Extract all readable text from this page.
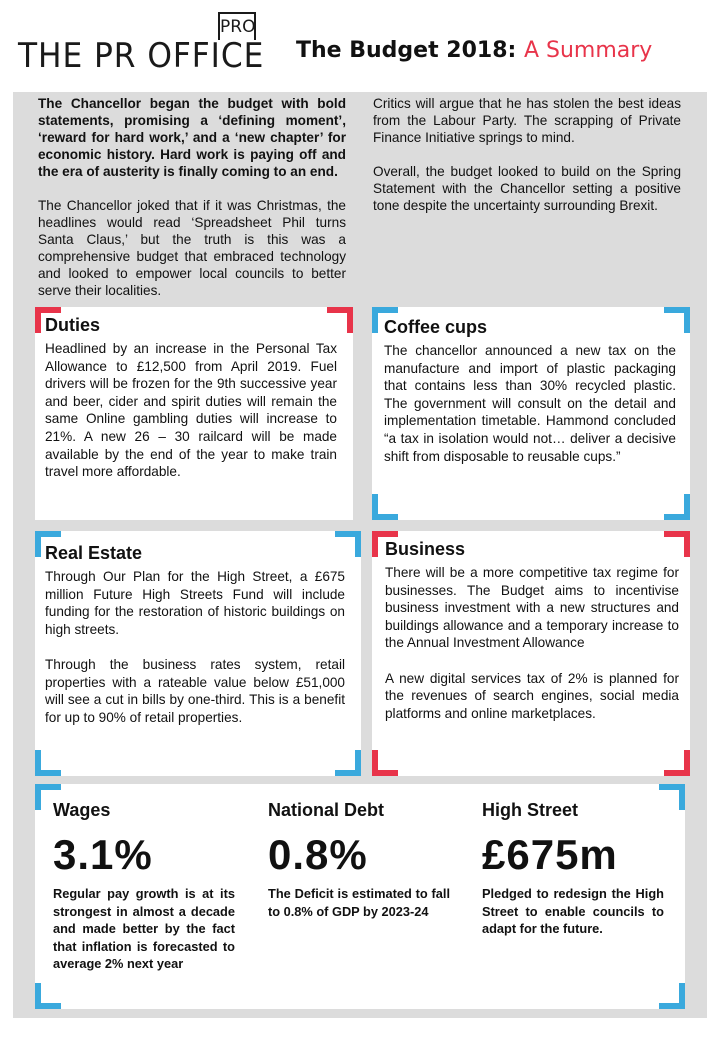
PRO
THE PR OFFICE The Budget 2018: A Summary

The Chancellor began the budget with bold statements, promising a ‘defining moment’, ‘reward for hard work,’ and a ‘new chapter’ for economic history. Hard work is paying off and the era of austerity is finally coming to an end.

The Chancellor joked that if it was Christmas, the headlines would read ‘Spreadsheet Phil turns Santa Claus,’ but the truth is this was a comprehensive budget that embraced technology and looked to empower local councils to better serve their localities.

Critics will argue that he has stolen the best ideas from the Labour Party. The scrapping of Private Finance Initiative springs to mind.

Overall, the budget looked to build on the Spring Statement with the Chancellor setting a positive tone despite the uncertainty surrounding Brexit.

Duties
Headlined by an increase in the Personal Tax Allowance to £12,500 from April 2019. Fuel drivers will be frozen for the 9th successive year and beer, cider and spirit duties will remain the same Online gambling duties will increase to 21%. A new 26 – 30 railcard will be made available by the end of the year to make train travel more affordable.
Coffee cups
The chancellor announced a new tax on the manufacture and import of plastic packaging that contains less than 30% recycled plastic. The government will consult on the detail and implementation timetable. Hammond concluded “a tax in isolation would not… deliver a decisive shift from disposable to reusable cups.”
Real Estate

Through Our Plan for the High Street, a £675 million Future High Streets Fund will include funding for the restoration of historic buildings on high streets.

Through the business rates system, retail properties with a rateable value below £51,000 will see a cut in bills by one-third. This is a benefit for up to 90% of retail properties.

Business

There will be a more competitive tax regime for businesses. The Budget aims to incentivise business investment with a new structures and buildings allowance and a temporary increase to the Annual Investment Allowance

A new digital services tax of 2% is planned for the revenues of search engines, social media platforms and online marketplaces.

Wages
3.1%
Regular pay growth is at its strongest in almost a decade and made better by the fact that inflation is forecasted to average 2% next year
National Debt
0.8%
The Deficit is estimated to fall to 0.8% of GDP by 2023-24
High Street
£675m
Pledged to redesign the High Street to enable councils to adapt for the future.
